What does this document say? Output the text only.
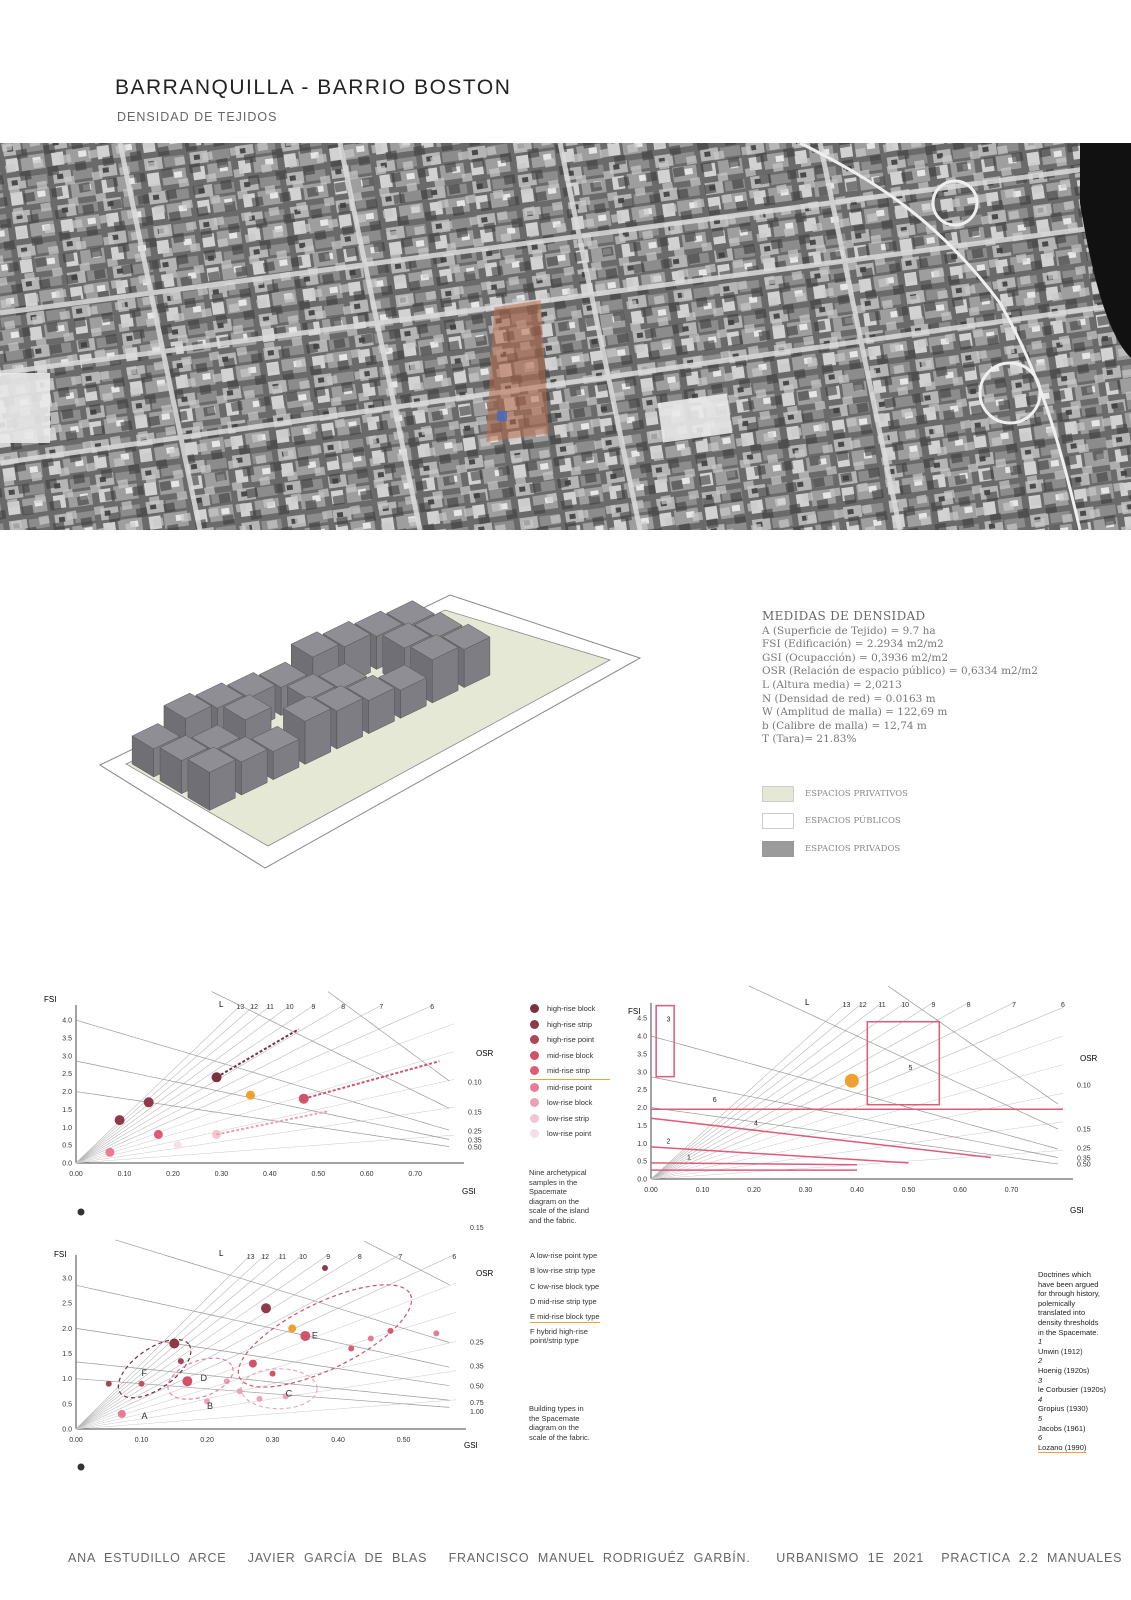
BARRANQUILLA - BARRIO BOSTON
DENSIDAD DE TEJIDOS
MEDIDAS DE DENSIDAD
A (Superficie de Tejido) = 9.7 ha
FSI (Edificación) = 2.2934 m2/m2
GSI (Ocupacción) = 0,3936 m2/m2
OSR (Relación de espacio público) = 0,6334 m2/m2
L (Altura media) = 2,0213
N (Densidad de red) = 0.0163 m
W (Amplitud de malla) = 122,69 m
b (Calibre de malla) = 12,74 m
T (Tara)= 21.83%
ESPACIOS PRIVATIVOS
ESPACIOS PÚBLICOS
ESPACIOS PRIVADOS
0.00	0.10	0.20	0.30	0.40	0.50	0.60	0.70
0.0
0.5
1.0
1.5
2.0
2.5
3.0
3.5
4.0
13 12 11 10	9	8	7	6
0.10
0.15
0.25
0.35
0.50
FSI
GSI
OSR
L	high-rise block
high-rise strip
high-rise point
mid-rise block
mid-rise strip
mid-rise point
low-rise block
low-rise strip
low-rise point
Nine archetypical
samples in the
Spacemate
diagram on the
scale of the island
and the fabric.
0.00	0.10	0.20	0.30	0.40	0.50	0.60	0.70
0.0
0.5
1.0
1.5
2.0
2.5
3.0
3.5
4.0
4.5
13 12 11 10	9	8	7	6
0.10
0.15
0.25
0.35
0.50
1
2
3
4
5
6
FSI
GSI
OSR
L
Doctrines which
have been argued
for through history,
polemically
translated into
density thresholds
in the Spacemate.
1
Unwin (1912)
2
Hoenig (1920s)
3
le Corbusier (1920s)
4
Gropius (1930)
5
Jacobs (1961)
6
Lozano (1990)
0.00	0.10	0.20	0.30	0.40	0.50
0.0
0.5
1.0
1.5
2.0
2.5
3.0
13 12 11 10	9	8	7	6
0.15
0.25
0.35
0.50
0.75
1.00
A
B
C
D
E
F
FSI
GSI
OSR
L	A low-rise point type
B low-rise strip type
C low-rise block type
D mid-rise strip type
E mid-rise block type
F hybrid high-rise point/strip type
Building types in
the Spacemate
diagram on the
scale of the fabric.
ANA  ESTUDILLO  ARCE     JAVIER  GARCÍA  DE  BLAS     FRANCISCO  MANUEL  RODRIGUÉZ  GARBÍN.      URBANISMO  1E  2021    PRACTICA  2.2  MANUALES
